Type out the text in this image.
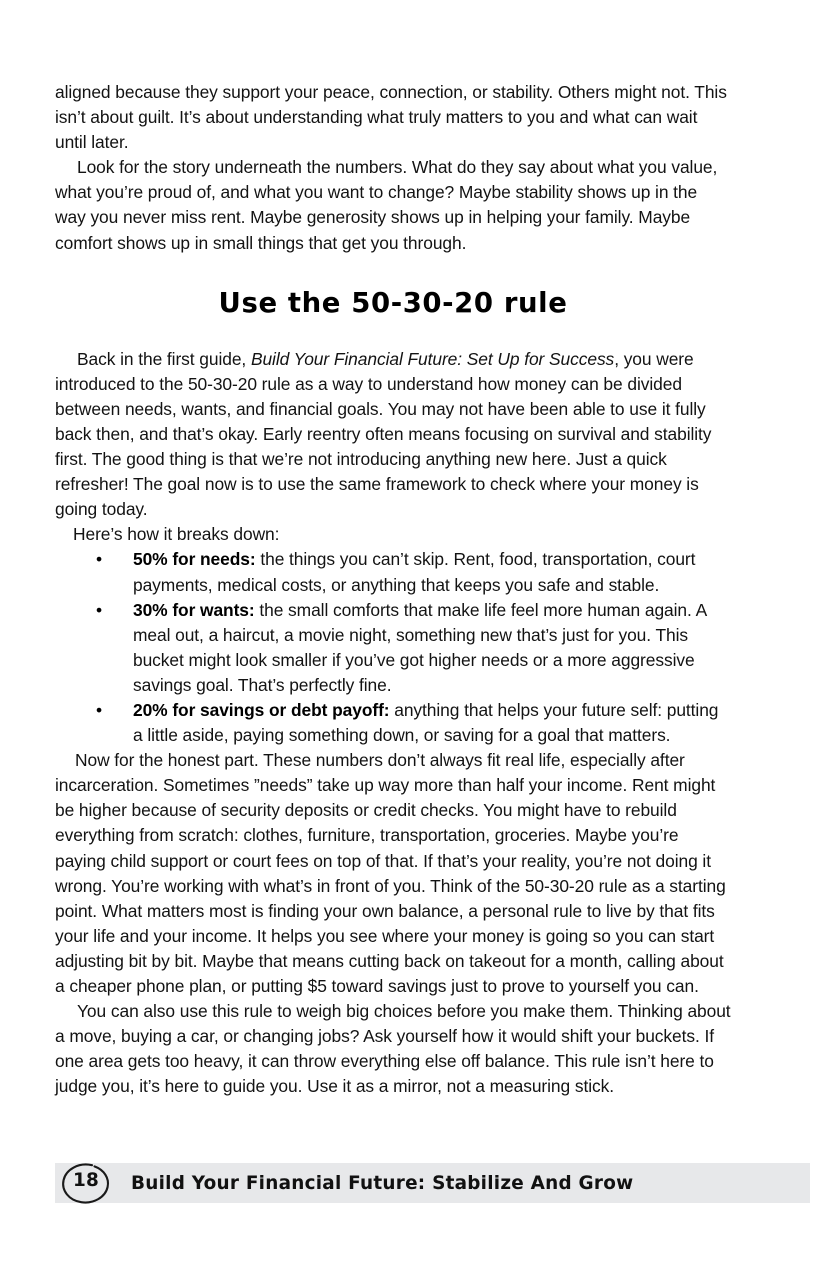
aligned because they support your peace, connection, or stability. Others might not. This isn’t about guilt. It’s about understanding what truly matters to you and what can wait until later.

Look for the story underneath the numbers. What do they say about what you value, what you’re proud of, and what you want to change? Maybe stability shows up in the way you never miss rent. Maybe generosity shows up in helping your family. Maybe comfort shows up in small things that get you through.

Use the 50-30-20 rule

Back in the first guide, Build Your Financial Future: Set Up for Success, you were introduced to the 50-30-20 rule as a way to understand how money can be divided between needs, wants, and financial goals. You may not have been able to use it fully back then, and that’s okay. Early reentry often means focusing on survival and stability first. The good thing is that we’re not introducing anything new here. Just a quick refresher! The goal now is to use the same framework to check where your money is going today.

Here’s how it breaks down:

• 50% for needs: the things you can’t skip. Rent, food, transportation, court payments, medical costs, or anything that keeps you safe and stable.
• 30% for wants: the small comforts that make life feel more human again. A meal out, a haircut, a movie night, something new that’s just for you. This bucket might look smaller if you’ve got higher needs or a more aggressive savings goal. That’s perfectly fine.
• 20% for savings or debt payoff: anything that helps your future self: putting a little aside, paying something down, or saving for a goal that matters.

Now for the honest part. These numbers don’t always fit real life, especially after incarceration. Sometimes ”needs” take up way more than half your income. Rent might be higher because of security deposits or credit checks. You might have to rebuild everything from scratch: clothes, furniture, transportation, groceries. Maybe you’re paying child support or court fees on top of that. If that’s your reality, you’re not doing it wrong. You’re working with what’s in front of you. Think of the 50-30-20 rule as a starting point. What matters most is finding your own balance, a personal rule to live by that fits your life and your income. It helps you see where your money is going so you can start adjusting bit by bit. Maybe that means cutting back on takeout for a month, calling about a cheaper phone plan, or putting $5 toward savings just to prove to yourself you can.

You can also use this rule to weigh big choices before you make them. Thinking about a move, buying a car, or changing jobs? Ask yourself how it would shift your buckets. If one area gets too heavy, it can throw everything else off balance. This rule isn’t here to judge you, it’s here to guide you. Use it as a mirror, not a measuring stick.

Build Your Financial Future: Stabilize And Grow
18
